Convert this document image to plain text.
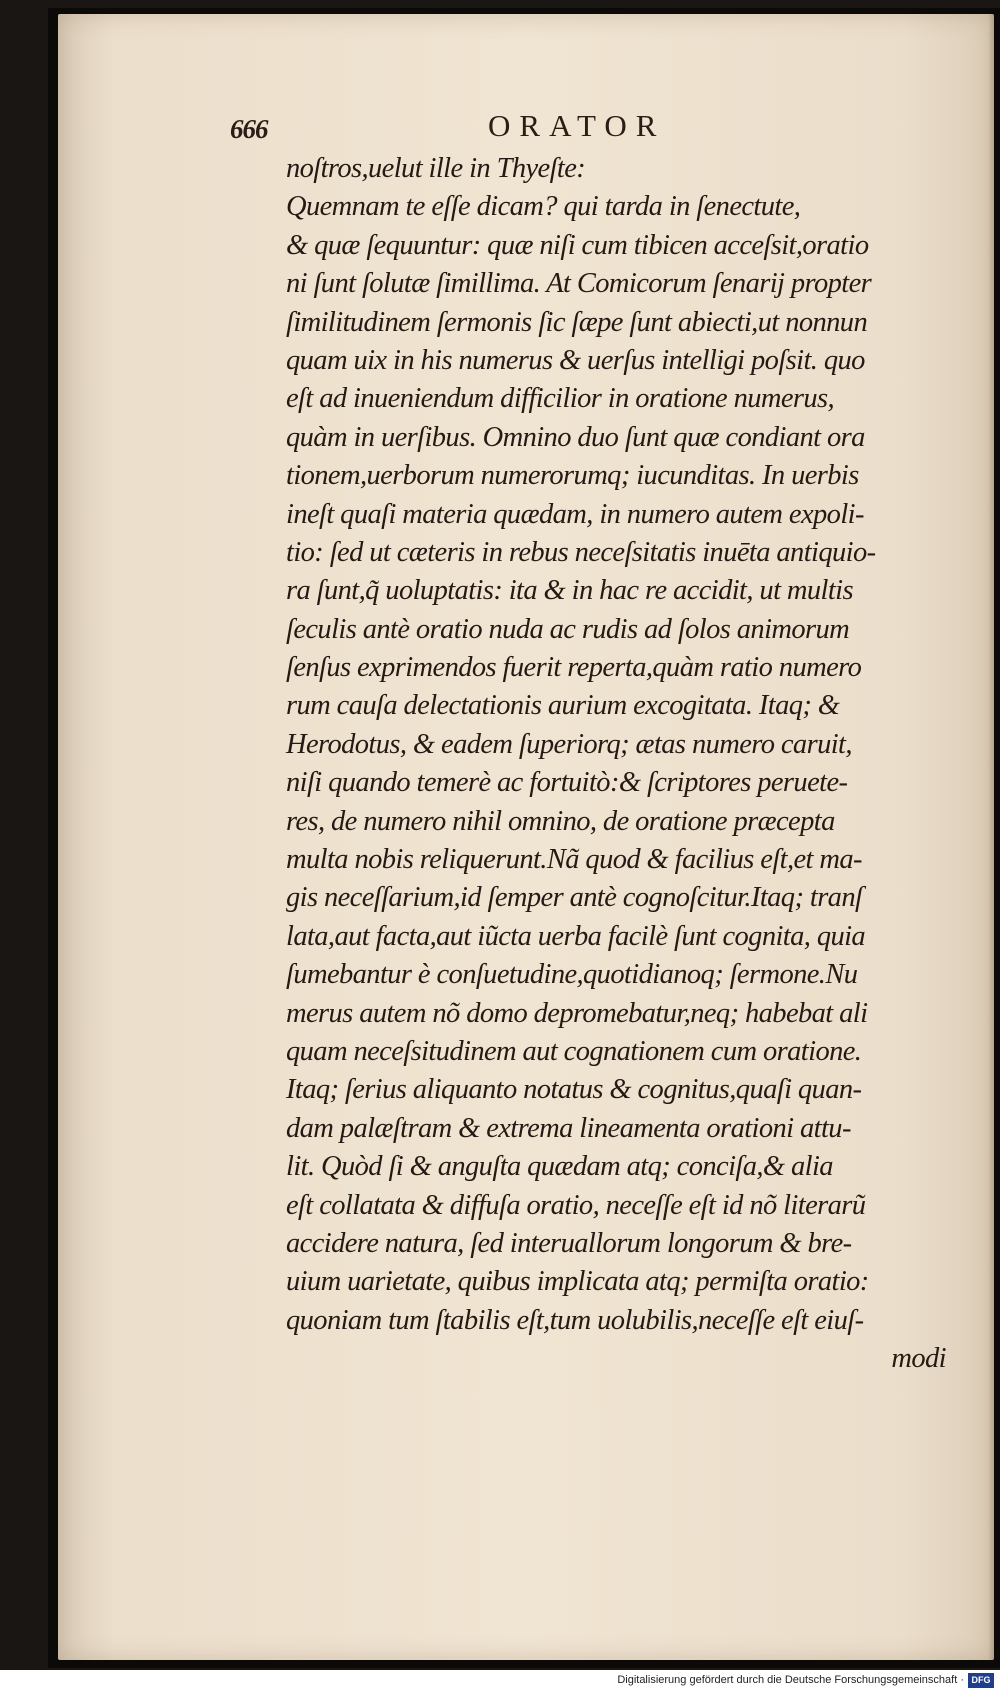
666	ORATOR
noſtros,uelut ille in Thyeſte:
Quemnam te eſſe dicam? qui tarda in ſenectute,
& quæ ſequuntur: quæ niſi cum tibicen acceſsit,oratio
ni ſunt ſolutæ ſimillima. At Comicorum ſenarij propter
ſimilitudinem ſermonis ſic ſæpe ſunt abiecti,ut nonnun
quam uix in his numerus & uerſus intelligi poſsit. quo
eſt ad inueniendum difficilior in oratione numerus,
quàm in uerſibus. Omnino duo ſunt quæ condiant ora
tionem,uerborum numerorumq; iucunditas. In uerbis
ineſt quaſi materia quædam, in numero autem expoli-
tio: ſed ut cæteris in rebus neceſsitatis inuēta antiquio-
ra ſunt,q̃ uoluptatis: ita & in hac re accidit, ut multis
ſeculis antè oratio nuda ac rudis ad ſolos animorum
ſenſus exprimendos fuerit reperta,quàm ratio numero
rum cauſa delectationis aurium excogitata. Itaq; &
Herodotus, & eadem ſuperiorq; ætas numero caruit,
niſi quando temerè ac fortuitò:& ſcriptores peruete-
res, de numero nihil omnino, de oratione præcepta
multa nobis reliquerunt.Nã quod & facilius eſt,et ma-
gis neceſſarium,id ſemper antè cognoſcitur.Itaq; tranſ
lata,aut facta,aut iũcta uerba facilè ſunt cognita, quia
ſumebantur è conſuetudine,quotidianoq; ſermone.Nu
merus autem nõ domo depromebatur,neq; habebat ali
quam neceſsitudinem aut cognationem cum oratione.
Itaq; ſerius aliquanto notatus & cognitus,quaſi quan-
dam palæſtram & extrema lineamenta orationi attu-
lit. Quòd ſi & anguſta quædam atq; conciſa,& alia
eſt collatata & diffuſa oratio, neceſſe eſt id nõ literarũ
accidere natura, ſed interuallorum longorum & bre-
uium uarietate, quibus implicata atq; permiſta oratio:
quoniam tum ſtabilis eſt,tum uolubilis,neceſſe eſt eiuſ-
modi
Digitalisierung gefördert durch die Deutsche Forschungsgemeinschaft · DFG
